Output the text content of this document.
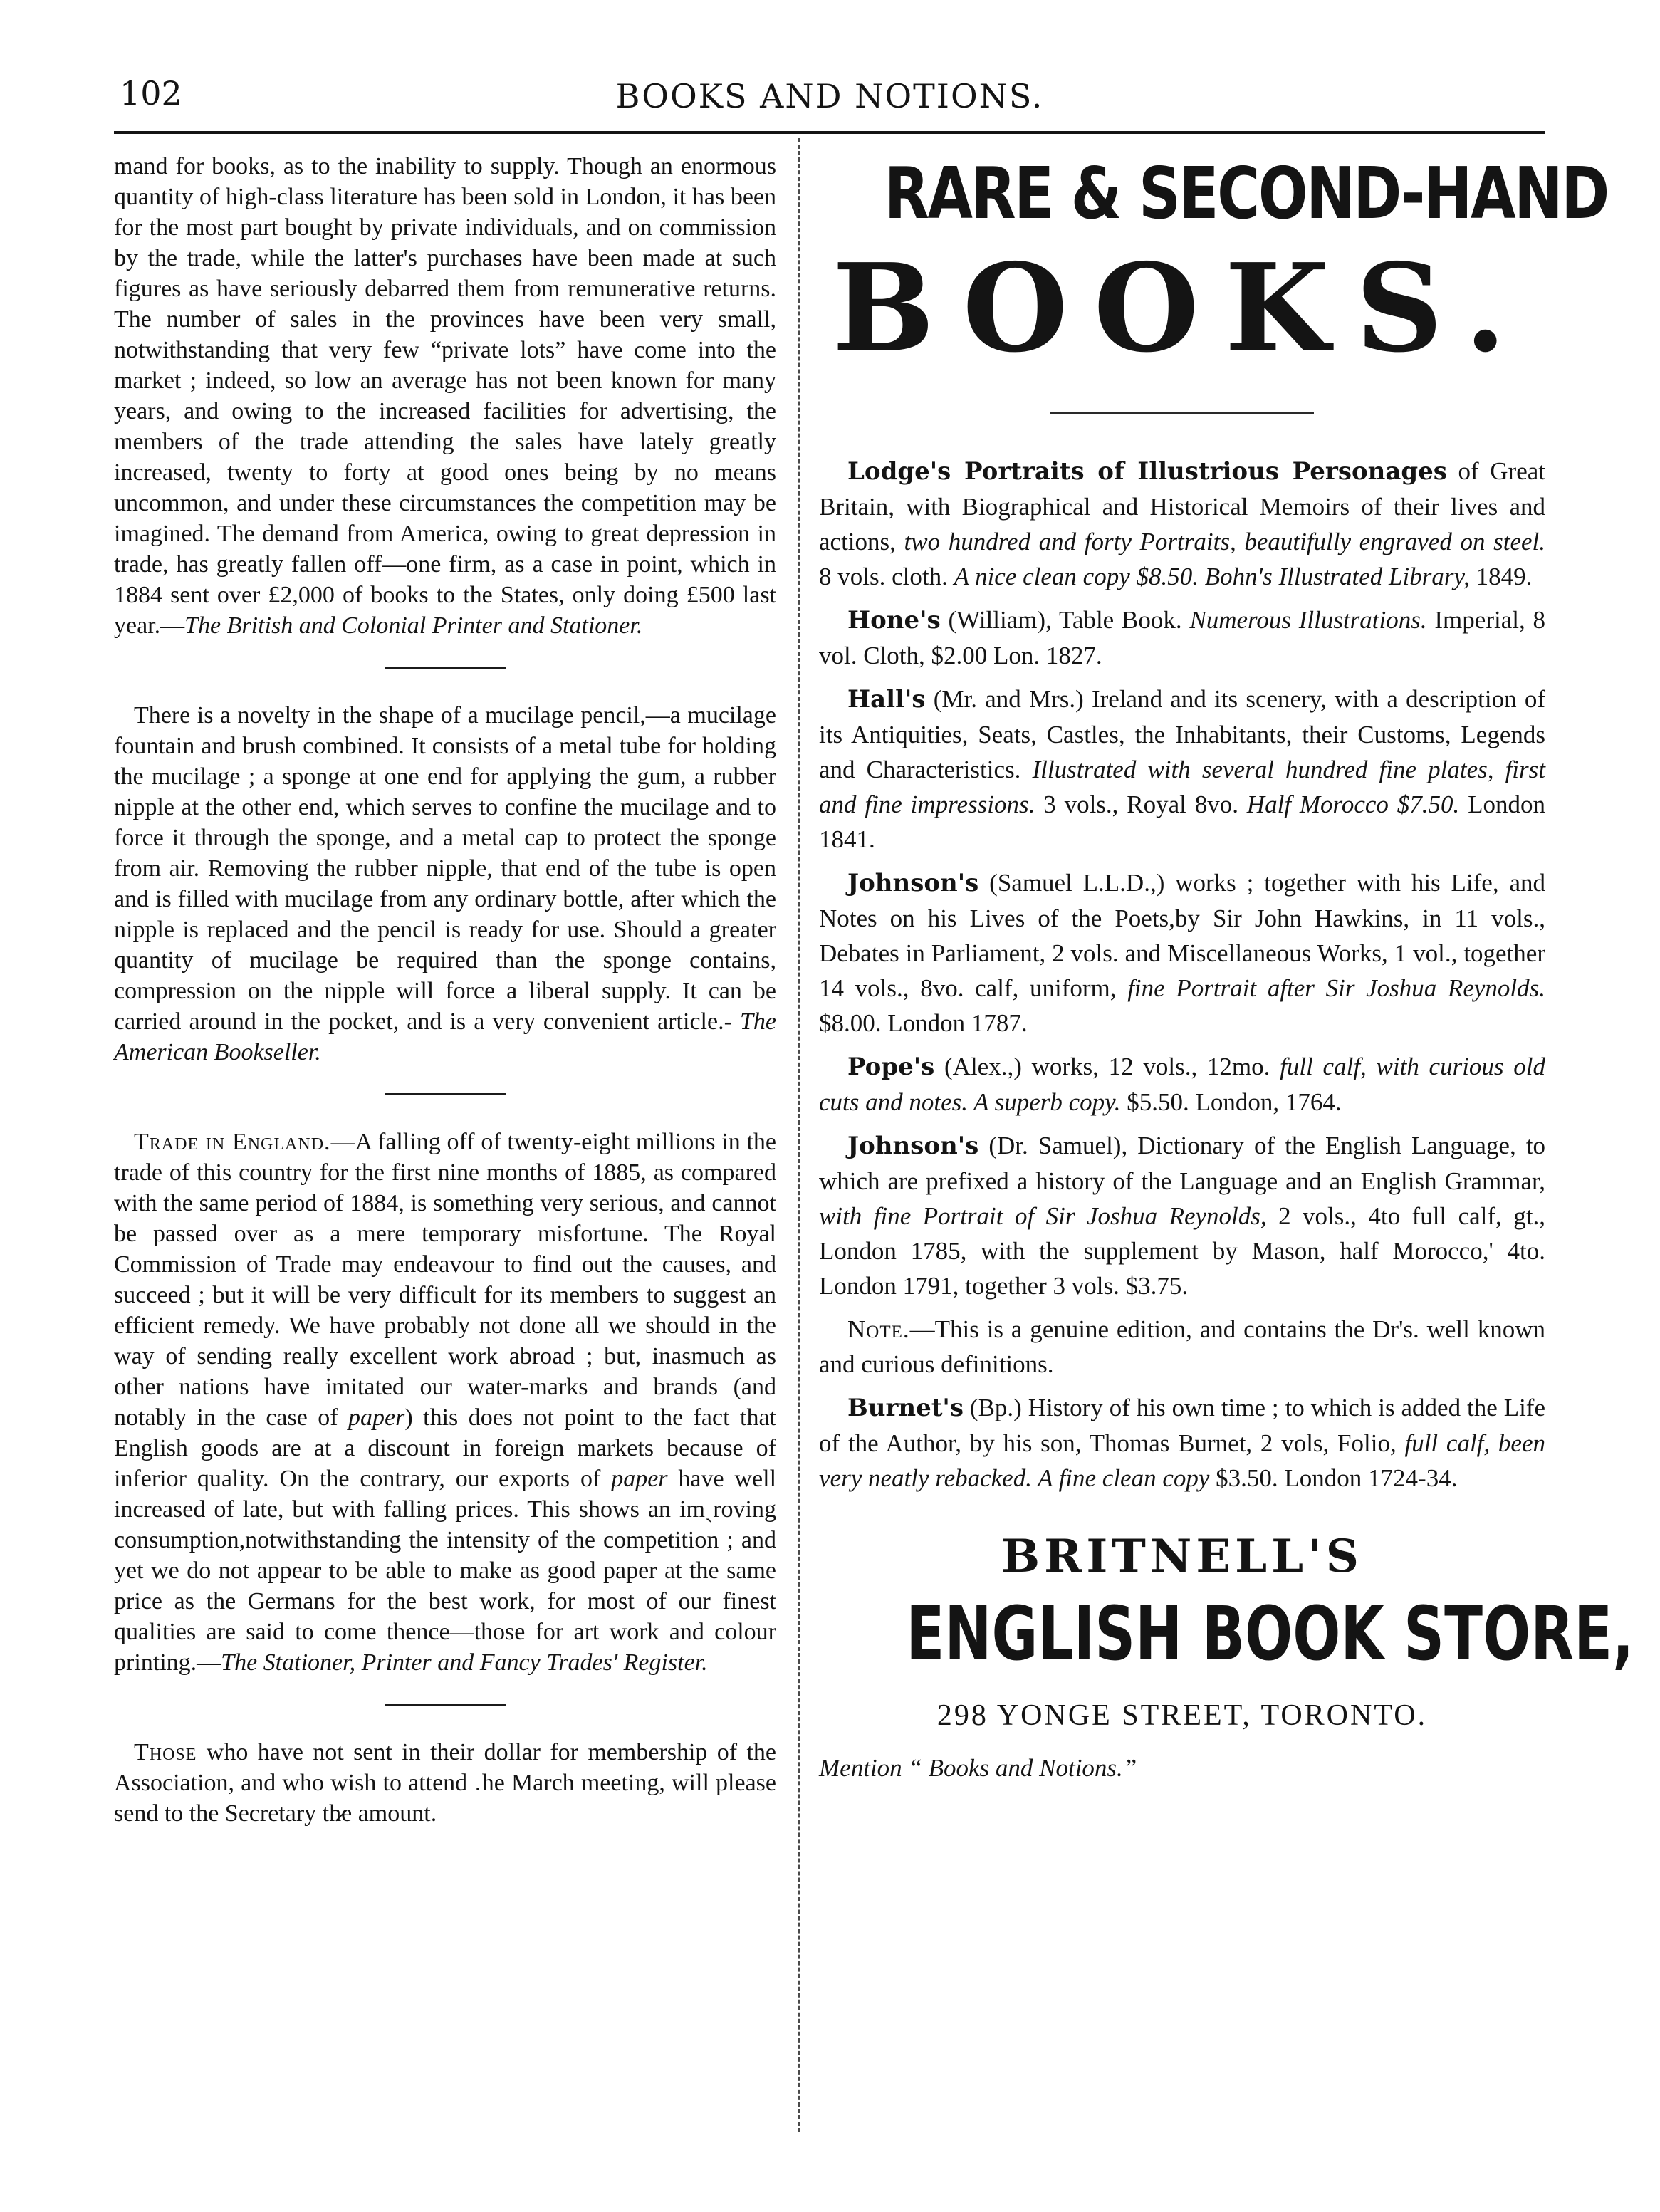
102	BOOKS AND NOTIONS.

mand for books, as to the inability to supply. Though an enormous quantity of high-class literature has been sold in London, it has been for the most part bought by private individuals, and on commission by the trade, while the latter's purchases have been made at such figures as have seriously debarred them from remunerative returns. The number of sales in the provinces have been very small, notwithstanding that very few “private lots” have come into the market ; indeed, so low an average has not been known for many years, and owing to the increased facilities for advertising, the members of the trade attending the sales have lately greatly increased, twenty to forty at good ones being by no means uncommon, and under these circumstances the competition may be imagined. The demand from America, owing to great depression in trade, has greatly fallen off—one firm, as a case in point, which in 1884 sent over £2,000 of books to the States, only doing £500 last year.—The British and Colonial Printer and Stationer.

There is a novelty in the shape of a mucilage pencil,—a mucilage fountain and brush combined. It consists of a metal tube for holding the mucilage ; a sponge at one end for applying the gum, a rubber nipple at the other end, which serves to confine the mucilage and to force it through the sponge, and a metal cap to protect the sponge from air. Removing the rubber nipple, that end of the tube is open and is filled with mucilage from any ordinary bottle, after which the nipple is replaced and the pencil is ready for use. Should a greater quantity of mucilage be required than the sponge contains, compression on the nipple will force a liberal supply. It can be carried around in the pocket, and is a very convenient article.- The American Bookseller.

Trade in England.—A falling off of twenty-eight millions in the trade of this country for the first nine months of 1885, as compared with the same period of 1884, is something very serious, and cannot be passed over as a mere temporary misfortune. The Royal Commission of Trade may endeavour to find out the causes, and succeed ; but it will be very difficult for its members to suggest an efficient remedy. We have probably not done all we should in the way of sending really excellent work abroad ; but, inasmuch as other nations have imitated our water-marks and brands (and notably in the case of paper) this does not point to the fact that English goods are at a discount in foreign markets because of inferior quality. On the contrary, our exports of paper have well increased of late, but with falling prices. This shows an imˏroving consumption,notwithstanding the intensity of the competition ; and yet we do not appear to be able to make as good paper at the same price as the Germans for the best work, for most of our finest qualities are said to come thence—those for art work and colour printing.—The Stationer, Printer and Fancy Trades' Register.

Those who have not sent in their dollar for membership of the Association, and who wish to attend ․he March meeting, will please send to the Secretary th̷e amount.

RARE & SECOND-HAND
BOOKS.

Lodge's Portraits of Illustrious Personages of Great Britain, with Biographical and Historical Memoirs of their lives and actions, two hundred and forty Portraits, beautifully engraved on steel. 8 vols. cloth. A nice clean copy $8.50. Bohn's Illustrated Library, 1849.

Hone's (William), Table Book. Numerous Illustrations. Imperial, 8 vol. Cloth, $2.00 Lon. 1827.

Hall's (Mr. and Mrs.) Ireland and its scenery, with a description of its Antiquities, Seats, Castles, the Inhabitants, their Customs, Legends and Characteristics. Illustrated with several hundred fine plates, first and fine impressions. 3 vols., Royal 8vo. Half Morocco $7.50. London 1841.

Johnson's (Samuel L.L.D.,) works ; together with his Life, and Notes on his Lives of the Poets,by Sir John Hawkins, in 11 vols., Debates in Parliament, 2 vols. and Miscellaneous Works, 1 vol., together 14 vols., 8vo. calf, uniform, fine Portrait after Sir Joshua Reynolds. $8.00. London 1787.

Pope's (Alex.,) works, 12 vols., 12mo. full calf, with curious old cuts and notes. A superb copy. $5.50. London, 1764.

Johnson's (Dr. Samuel), Dictionary of the English Language, to which are prefixed a history of the Language and an English Grammar, with fine Portrait of Sir Joshua Reynolds, 2 vols., 4to full calf, gt., London 1785, with the supplement by Mason, half Morocco,' 4to. London 1791, together 3 vols. $3.75.

Note.—This is a genuine edition, and contains the Dr's. well known and curious definitions.

Burnet's (Bp.) History of his own time ; to which is added the Life of the Author, by his son, Thomas Burnet, 2 vols, Folio, full calf, been very neatly rebacked. A fine clean copy $3.50. London 1724-34.

BRITNELL'S
ENGLISH BOOK STORE,
298 YONGE STREET, TORONTO.
Mention “ Books and Notions.”
